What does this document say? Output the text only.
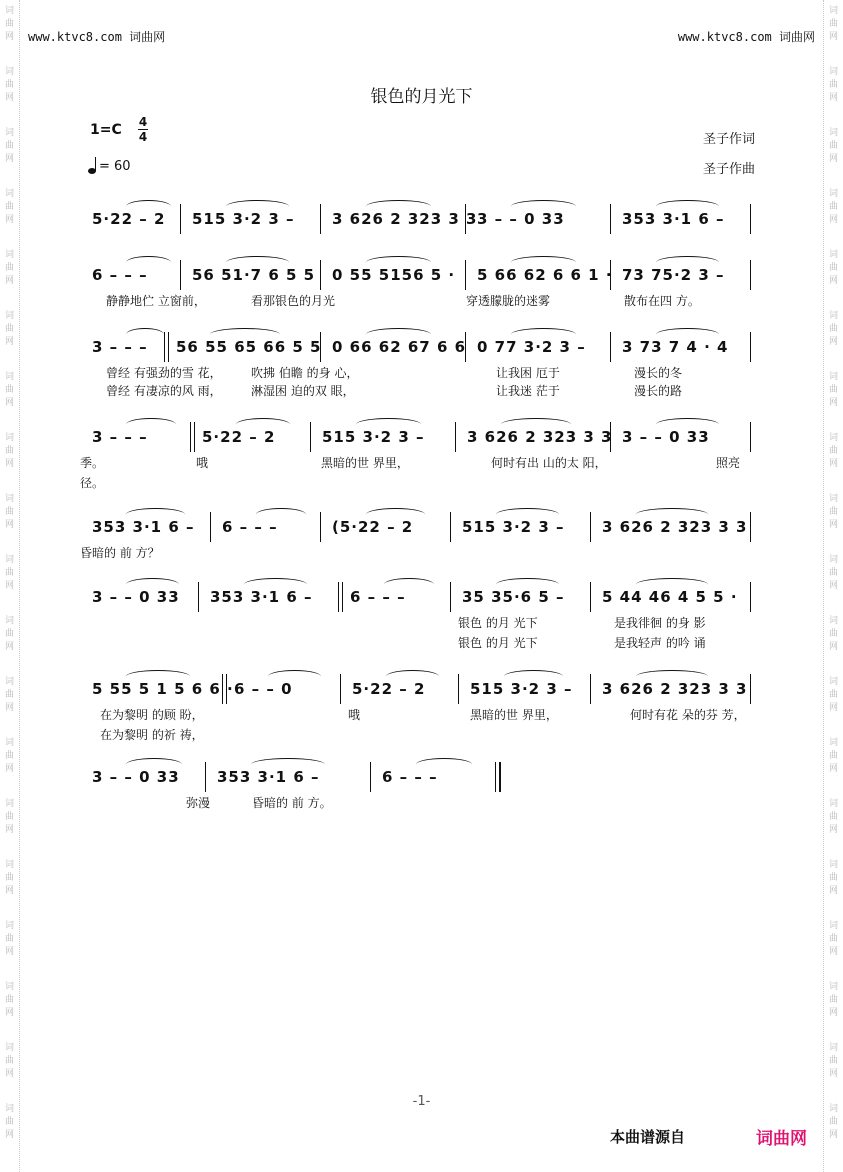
词
曲
网
词
曲
网
词
曲
网
词
曲
网
词
曲
网
词
曲
网
词
曲
网
词
曲
网
词
曲
网
词
曲
网
词
曲
网
词
曲
网
词
曲
网
词
曲
网
词
曲
网
词
曲
网
词
曲
网
词
曲
网
词
曲
网
词
曲
网
词
曲
网
词
曲
网
词
曲
网
词
曲
网
词
曲
网
词
曲
网
词
曲
网
词
曲
网
词
曲
网
词
曲
网
词
曲
网
词
曲
网
词
曲
网
词
曲
网
词
曲
网
词
曲
网
词
曲
网
词
曲
网
www.ktvc8.com 词曲网	www.ktvc8.com 词曲网
银色的月光下
1=C 4
4
= 60
圣子作词
圣子作曲
5·22 – 2 515 3·2 3 –	3 626 2 323 3 3 3 – – 0 33	353 3·1 6 –
6 – – –	56 51·7 6 5 5 0 55 5156 5 · 5 66 62 6 6 1 · 73 75·2 3 –
静静地伫 立窗前，	看那银色的月光	穿透朦胧的迷雾	散布在四 方。
3 – – – 56 55 65 66 5 5 0 66 62 67 6 6 0 77 3·2 3 – 3 73 7 4 · 4
曾经 有强劲的雪 花， 吹拂 伯瞻 的身 心，	让我困 厄于	漫长的冬
曾经 有凄凉的风 雨， 淋湿困 迫的双 眼，	让我迷 茫于	漫长的路
3 – – –	5·22 – 2	515 3·2 3 –	3 626 2 323 3 3 3 – – 0 33
季。	哦	黑暗的世 界里，	何时有出 山的太 阳，	照亮
径。
353 3·1 6 – 6 – – –	(5·22 – 2	515 3·2 3 –	3 626 2 323 3 3
昏暗的 前 方？
3 – – 0 33 353 3·1 6 –	6 – – –	35 35·6 5 –	5 44 46 4 5 5 ·
银色 的月 光下	是我徘徊 的身 影
银色 的月 光下	是我轻声 的吟 诵
5 55 5 1 5 6 6 · 6 – – 0	5·22 – 2	515 3·2 3 – 3 626 2 323 3 3
在为黎明 的顾 盼，
在为黎明 的祈 祷，
哦	黑暗的世 界里，	何时有花 朵的芬 芳，
3 – – 0 33 353 3·1 6 –	6 – – –
弥漫	昏暗的 前 方。
-1-
本曲谱源自	词曲网
